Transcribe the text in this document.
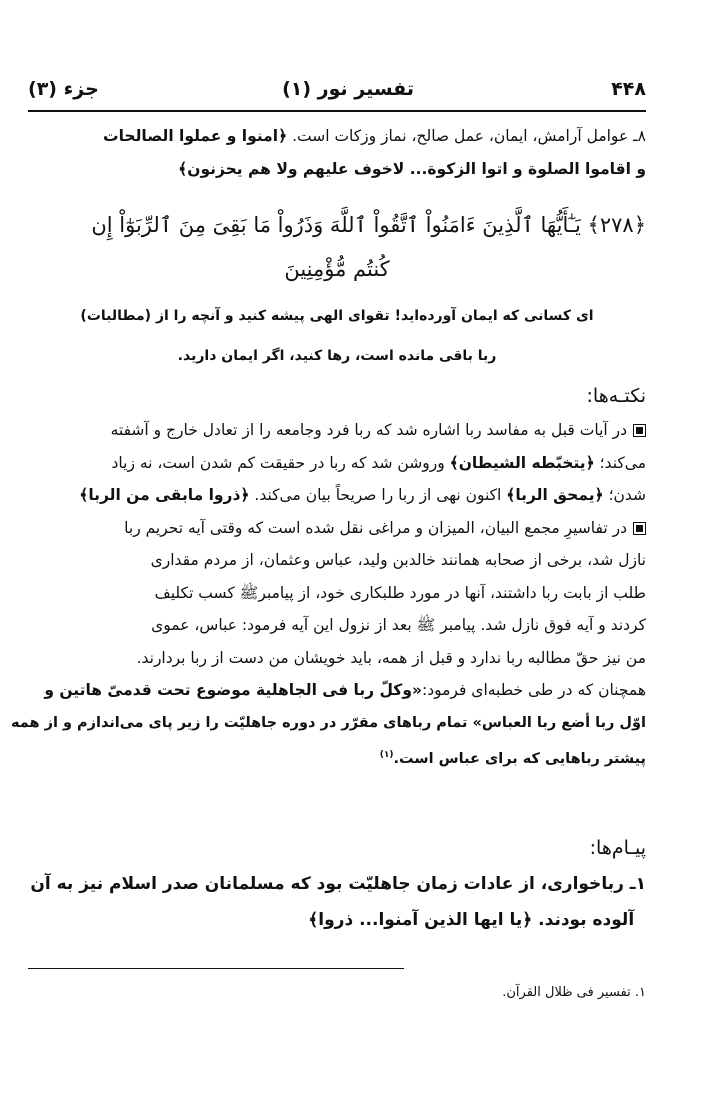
۴۴۸
تفسیر نور (۱)
جزء (۳)
۸ـ عوامل آرامش، ایمان، عمل صالح، نماز وزکات است. ﴿امنوا و عملوا الصالحات
و اقاموا الصلوة و اتوا الزکوة... لاخوف علیهم ولا هم یحزنون﴾
﴿۲۷۸﴾ یَـٰٓأَیُّهَا ٱلَّذِینَ ءَامَنُواْ ٱتَّقُواْ ٱللَّهَ وَذَرُواْ مَا بَقِیَ مِنَ ٱلرِّبَوٰٓاْ إِن
كُنتُم مُّؤْمِنِینَ
ای کسانی که ایمان آورده‌اید! تقوای الهی پیشه کنید و آنچه را از (مطالبات)
ربا باقی مانده است، رها کنید، اگر ایمان دارید.
نکتـه‌ها:
در آیات قبل به مفاسد ربا اشاره شد که ربا فرد وجامعه را از تعادل خارج و آشفته
می‌کند؛ ﴿یتخبّطه الشیطان﴾ وروشن شد که ربا در حقیقت کم شدن است، نه زیاد
شدن؛ ﴿یمحق الربا﴾ اکنون نهی از ربا را صریحاً بیان می‌کند. ﴿ذروا مابقی من الربا﴾
در تفاسیرِ مجمع البیان، المیزان و مراغی نقل شده است که وقتی آیه تحریم ربا
نازل شد، برخی از صحابه همانند خالدبن ولید، عباس وعثمان، از مردم مقداری
طلب از بابت ربا داشتند، آنها در مورد طلبکاری خود، از پیامبرﷺ کسب تکلیف
کردند و آیه فوق نازل شد. پیامبر ﷺ بعد از نزول این آیه فرمود: عباس، عموی
من نیز حقّ مطالبه ربا ندارد و قبل از همه، باید خویشان من دست از ربا بردارند.
همچنان که در طی خطبه‌ای فرمود:«وکلّ ربا فی الجاهلیة موضوع تحت قدمیّ هاتین و
اوّل ربا أضع ربا العباس» تمام رباهای مقرّر در دوره جاهلیّت را زیر پای می‌اندازم و از همه
پیشتر رباهایی که برای عباس است.$^{(۱)}$
پیـام‌ها:
۱ـ رباخواری، از عادات زمان جاهلیّت بود که مسلمانان صدر اسلام نیز به آن
آلوده بودند. ﴿یا ایها الذین آمنوا... ذروا﴾
۱. تفسیر فی ظلال القرآن.
